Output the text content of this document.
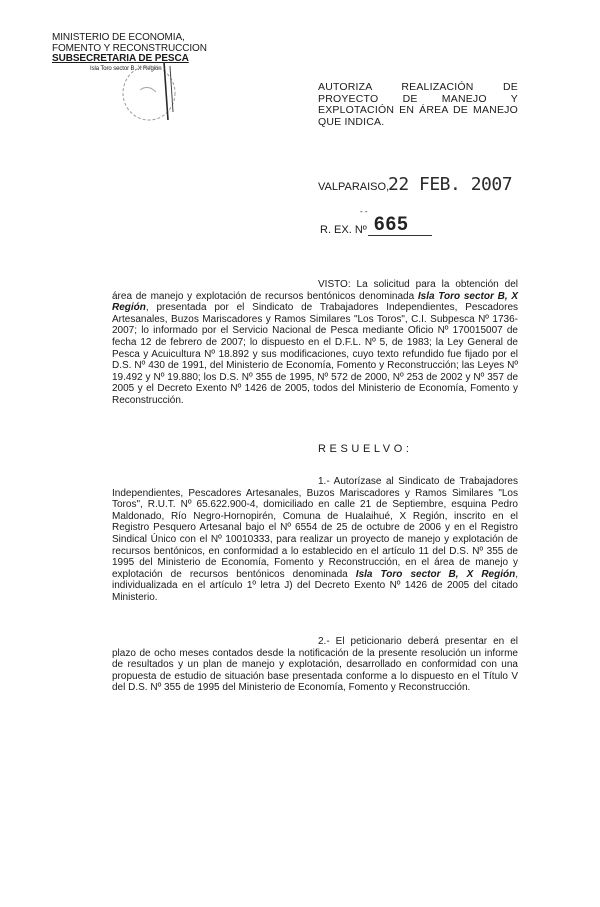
MINISTERIO DE ECONOMIA,
FOMENTO Y RECONSTRUCCION
SUBSECRETARIA DE PESCA
Isla Toro sector B, X Región
AUTORIZA REALIZACIÓN DE PROYECTO DE MANEJO Y EXPLOTACIÓN EN ÁREA DE MANEJO QUE INDICA.
VALPARAISO,
22 FEB. 2007
- -
R. EX. Nº 665
VISTO: La solicitud para la obtención del área de manejo y explotación de recursos bentónicos denominada Isla Toro sector B, X Región, presentada por el Sindicato de Trabajadores Independientes, Pescadores Artesanales, Buzos Mariscadores y Ramos Similares "Los Toros", C.I. Subpesca Nº 1736-2007; lo informado por el Servicio Nacional de Pesca mediante Oficio Nº 170015007 de fecha 12 de febrero de 2007; lo dispuesto en el D.F.L. Nº 5, de 1983; la Ley General de Pesca y Acuicultura Nº 18.892 y sus modificaciones, cuyo texto refundido fue fijado por el D.S. Nº 430 de 1991, del Ministerio de Economía, Fomento y Reconstrucción; las Leyes Nº 19.492 y Nº 19.880; los D.S. Nº 355 de 1995, Nº 572 de 2000, Nº 253 de 2002 y Nº 357 de 2005 y el Decreto Exento Nº 1426 de 2005, todos del Ministerio de Economía, Fomento y Reconstrucción.
RESUELVO:
1.- Autorízase al Sindicato de Trabajadores Independientes, Pescadores Artesanales, Buzos Mariscadores y Ramos Similares "Los Toros", R.U.T. Nº 65.622.900-4, domiciliado en calle 21 de Septiembre, esquina Pedro Maldonado, Río Negro-Hornopirén, Comuna de Hualaihué, X Región, inscrito en el Registro Pesquero Artesanal bajo el Nº 6554 de 25 de octubre de 2006 y en el Registro Sindical Único con el Nº 10010333, para realizar un proyecto de manejo y explotación de recursos bentónicos, en conformidad a lo establecido en el artículo 11 del D.S. Nº 355 de 1995 del Ministerio de Economía, Fomento y Reconstrucción, en el área de manejo y explotación de recursos bentónicos denominada Isla Toro sector B, X Región, individualizada en el artículo 1º letra J) del Decreto Exento Nº 1426 de 2005 del citado Ministerio.
2.- El peticionario deberá presentar en el plazo de ocho meses contados desde la notificación de la presente resolución un informe de resultados y un plan de manejo y explotación, desarrollado en conformidad con una propuesta de estudio de situación base presentada conforme a lo dispuesto en el Título V del D.S. Nº 355 de 1995 del Ministerio de Economía, Fomento y Reconstrucción.
